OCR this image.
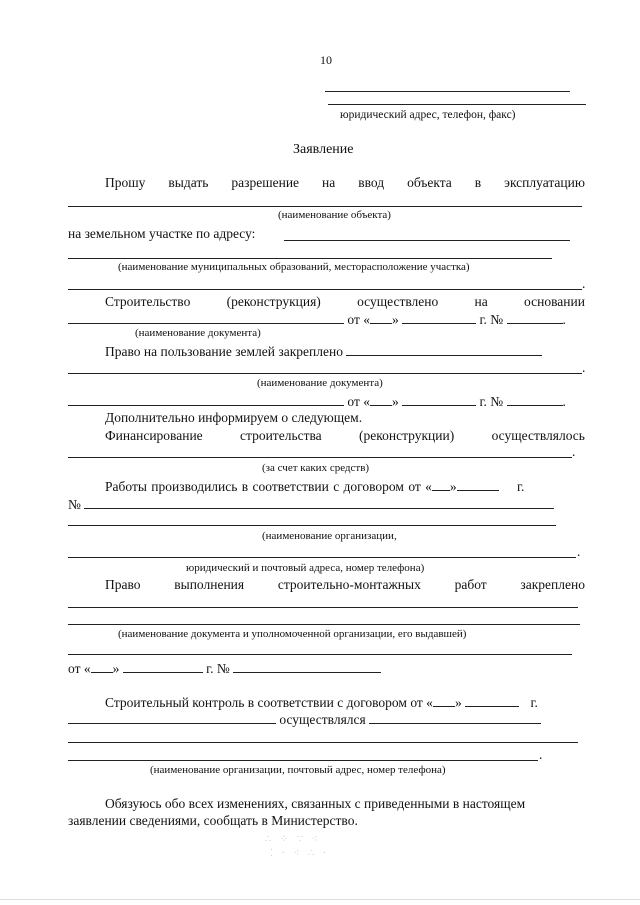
10
юридический адрес, телефон, факс)
Заявление
Прошу выдать разрешение на ввод объекта в эксплуатацию
(наименование объекта)
на земельном участке по адресу:
(наименование муниципальных образований, месторасположение участка)
.
Строительство	(реконструкция)	осуществлено	на	основании
от « »	г. №	.
(наименование документа)
Право на пользование землей закреплено
.
(наименование документа)
от « »	г. №	.
Дополнительно информируем о следующем.
Финансирование	строительства	(реконструкции)	осуществлялось
.
(за счет каких средств)
Работы производились в соответствии с договором от « »	г.
№
(наименование организации,
.
юридический и почтовый адреса, номер телефона)
Право выполнения строительно-монтажных работ закреплено
(наименование документа и уполномоченной организации, его выдавшей)
от « »	г. №
Строительный контроль в соответствии с договором от « »	г.
осуществлялся
.
(наименование организации, почтовый адрес, номер телефона)
Обязуюсь обо всех изменениях, связанных с приведенными в настоящем
заявлении сведениями, сообщать в Министерство.
∴ ⁘ ∵ ⁖
⁚ · ⁖ ∴ ·
